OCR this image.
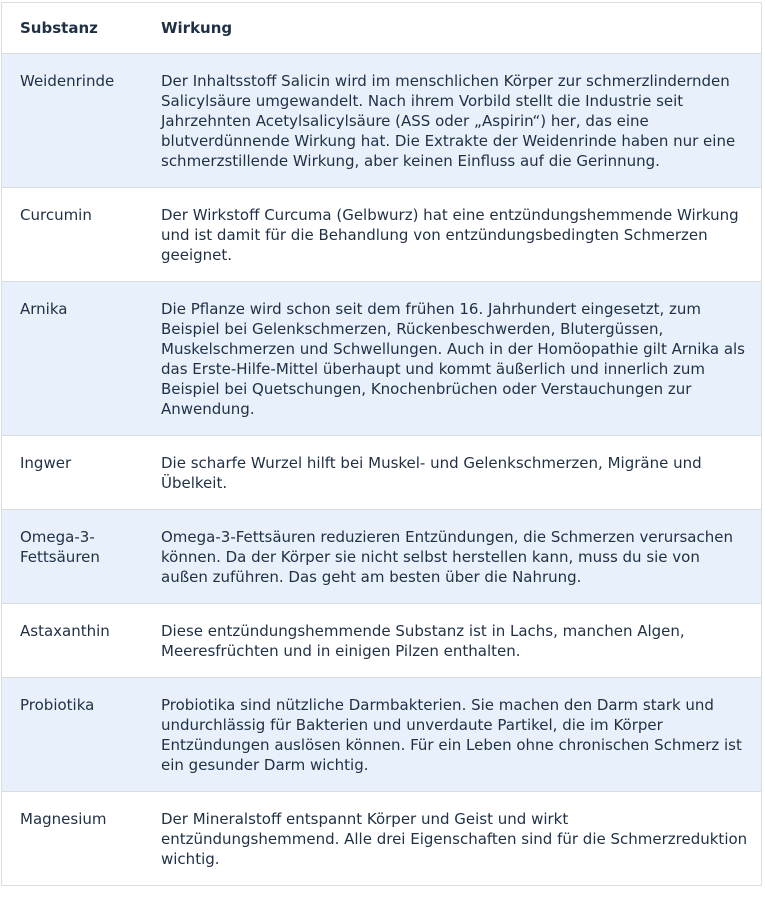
Substanz	Wirkung
Weidenrinde	Der Inhaltsstoff Salicin wird im menschlichen Körper zur schmerzlindernden Salicylsäure umgewandelt. Nach ihrem Vorbild stellt die Industrie seit Jahrzehnten Acetylsalicylsäure (ASS oder „Aspirin“) her, das eine blutverdünnende Wirkung hat. Die Extrakte der Weidenrinde haben nur eine schmerzstillende Wirkung, aber keinen Einfluss auf die Gerinnung.
Curcumin	Der Wirkstoff Curcuma (Gelbwurz) hat eine entzündungshemmende Wirkung und ist damit für die Behandlung von entzündungsbedingten Schmerzen geeignet.
Arnika	Die Pflanze wird schon seit dem frühen 16. Jahrhundert eingesetzt, zum Beispiel bei Gelenkschmerzen, Rückenbeschwerden, Blutergüssen, Muskelschmerzen und Schwellungen. Auch in der Homöopathie gilt Arnika als das Erste-Hilfe-Mittel überhaupt und kommt äußerlich und innerlich zum Beispiel bei Quetschungen, Knochenbrüchen oder Verstauchungen zur Anwendung.
Ingwer	Die scharfe Wurzel hilft bei Muskel- und Gelenkschmerzen, Migräne und Übelkeit.
Omega-3-Fettsäuren	Omega-3-Fettsäuren reduzieren Entzündungen, die Schmerzen verursachen können. Da der Körper sie nicht selbst herstellen kann, muss du sie von außen zuführen. Das geht am besten über die Nahrung.
Astaxanthin	Diese entzündungshemmende Substanz ist in Lachs, manchen Algen, Meeresfrüchten und in einigen Pilzen enthalten.
Probiotika	Probiotika sind nützliche Darmbakterien. Sie machen den Darm stark und undurchlässig für Bakterien und unverdaute Partikel, die im Körper Entzündungen auslösen können. Für ein Leben ohne chronischen Schmerz ist ein gesunder Darm wichtig.
Magnesium	Der Mineralstoff entspannt Körper und Geist und wirkt entzündungshemmend. Alle drei Eigenschaften sind für die Schmerzreduktion wichtig.
